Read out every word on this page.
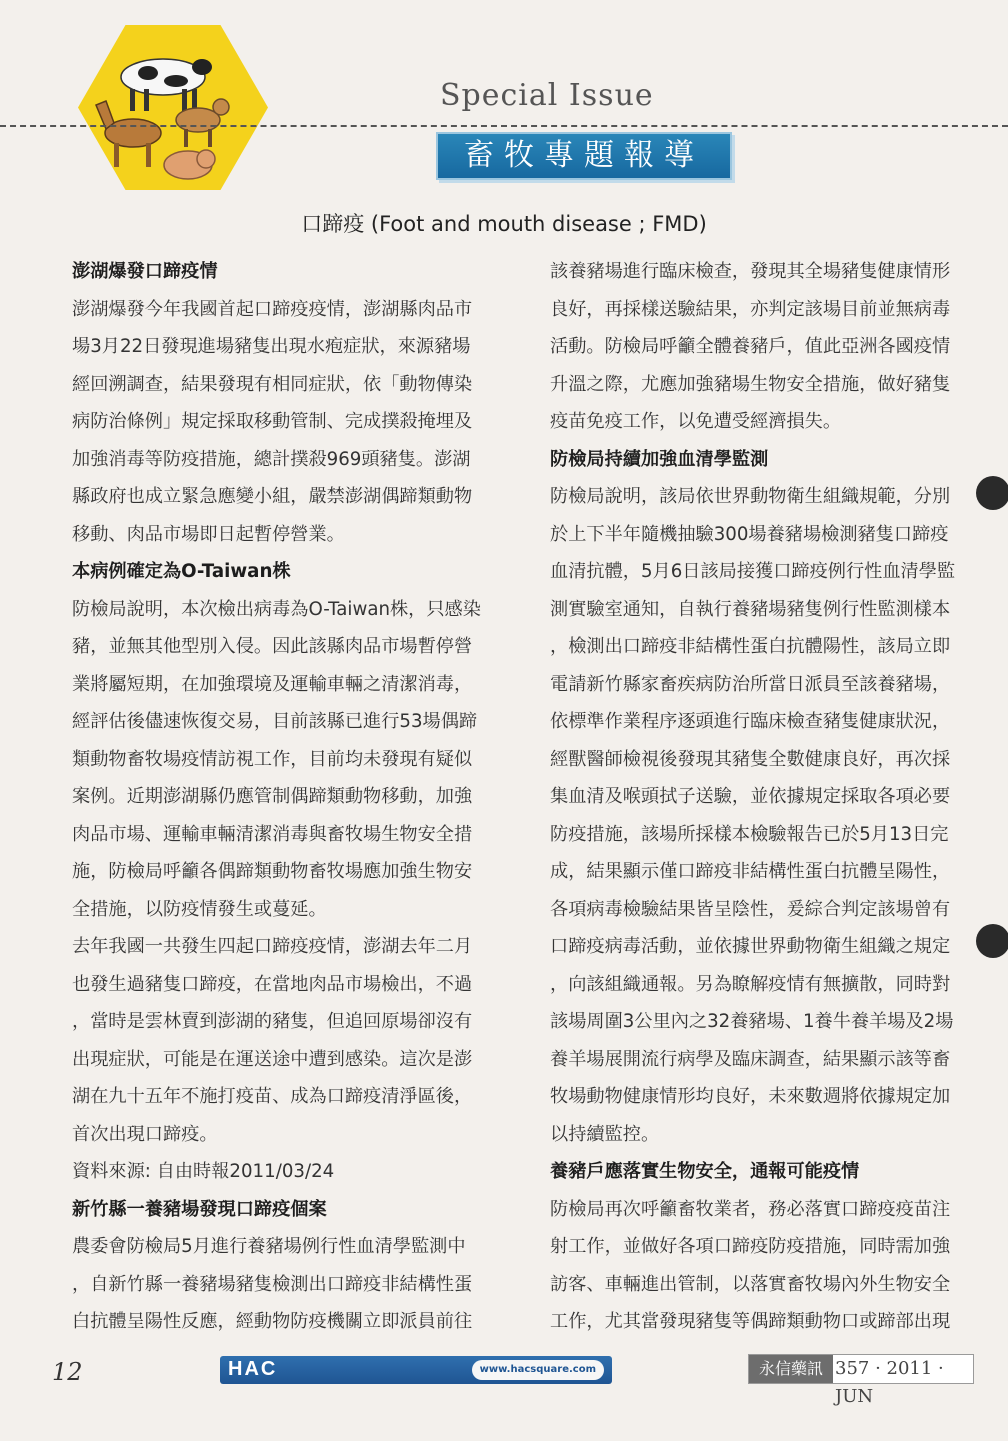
Special Issue
畜牧專題報導
口蹄疫 (Foot and mouth disease ; FMD)
澎湖爆發口蹄疫情
澎湖爆發今年我國首起口蹄疫疫情，澎湖縣肉品市
場3月22日發現進場豬隻出現水疱症狀，來源豬場
經回溯調查，結果發現有相同症狀，依「動物傳染
病防治條例」規定採取移動管制、完成撲殺掩埋及
加強消毒等防疫措施，總計撲殺969頭豬隻。澎湖
縣政府也成立緊急應變小組，嚴禁澎湖偶蹄類動物
移動、肉品市場即日起暫停營業。
本病例確定為O-Taiwan株
防檢局說明，本次檢出病毒為O-Taiwan株，只感染
豬，並無其他型別入侵。因此該縣肉品市場暫停營
業將屬短期，在加強環境及運輸車輛之清潔消毒，
經評估後儘速恢復交易，目前該縣已進行53場偶蹄
類動物畜牧場疫情訪視工作，目前均未發現有疑似
案例。近期澎湖縣仍應管制偶蹄類動物移動，加強
肉品市場、運輸車輛清潔消毒與畜牧場生物安全措
施，防檢局呼籲各偶蹄類動物畜牧場應加強生物安
全措施，以防疫情發生或蔓延。
去年我國一共發生四起口蹄疫疫情，澎湖去年二月
也發生過豬隻口蹄疫，在當地肉品市場檢出，不過
，當時是雲林賣到澎湖的豬隻，但追回原場卻沒有
出現症狀，可能是在運送途中遭到感染。這次是澎
湖在九十五年不施打疫苗、成為口蹄疫清淨區後，
首次出現口蹄疫。
資料來源: 自由時報2011/03/24
新竹縣一養豬場發現口蹄疫個案
農委會防檢局5月進行養豬場例行性血清學監測中
，自新竹縣一養豬場豬隻檢測出口蹄疫非結構性蛋
白抗體呈陽性反應，經動物防疫機關立即派員前往
該養豬場進行臨床檢查，發現其全場豬隻健康情形
良好，再採樣送驗結果，亦判定該場目前並無病毒
活動。防檢局呼籲全體養豬戶，值此亞洲各國疫情
升溫之際，尤應加強豬場生物安全措施，做好豬隻
疫苗免疫工作，以免遭受經濟損失。
防檢局持續加強血清學監測
防檢局說明，該局依世界動物衛生組織規範，分別
於上下半年隨機抽驗300場養豬場檢測豬隻口蹄疫
血清抗體，5月6日該局接獲口蹄疫例行性血清學監
測實驗室通知，自執行養豬場豬隻例行性監測樣本
，檢測出口蹄疫非結構性蛋白抗體陽性，該局立即
電請新竹縣家畜疾病防治所當日派員至該養豬場，
依標準作業程序逐頭進行臨床檢查豬隻健康狀況，
經獸醫師檢視後發現其豬隻全數健康良好，再次採
集血清及喉頭拭子送驗，並依據規定採取各項必要
防疫措施，該場所採樣本檢驗報告已於5月13日完
成，結果顯示僅口蹄疫非結構性蛋白抗體呈陽性，
各項病毒檢驗結果皆呈陰性，爰綜合判定該場曾有
口蹄疫病毒活動，並依據世界動物衛生組織之規定
，向該組織通報。另為瞭解疫情有無擴散，同時對
該場周圍3公里內之32養豬場、1養牛養羊場及2場
養羊場展開流行病學及臨床調查，結果顯示該等畜
牧場動物健康情形均良好，未來數週將依據規定加
以持續監控。
養豬戶應落實生物安全，通報可能疫情
防檢局再次呼籲畜牧業者，務必落實口蹄疫疫苗注
射工作，並做好各項口蹄疫防疫措施，同時需加強
訪客、車輛進出管制，以落實畜牧場內外生物安全
工作，尤其當發現豬隻等偶蹄類動物口或蹄部出現
12	HAC	www.hacsquare.com	永信藥訊 357 · 2011 · JUN
